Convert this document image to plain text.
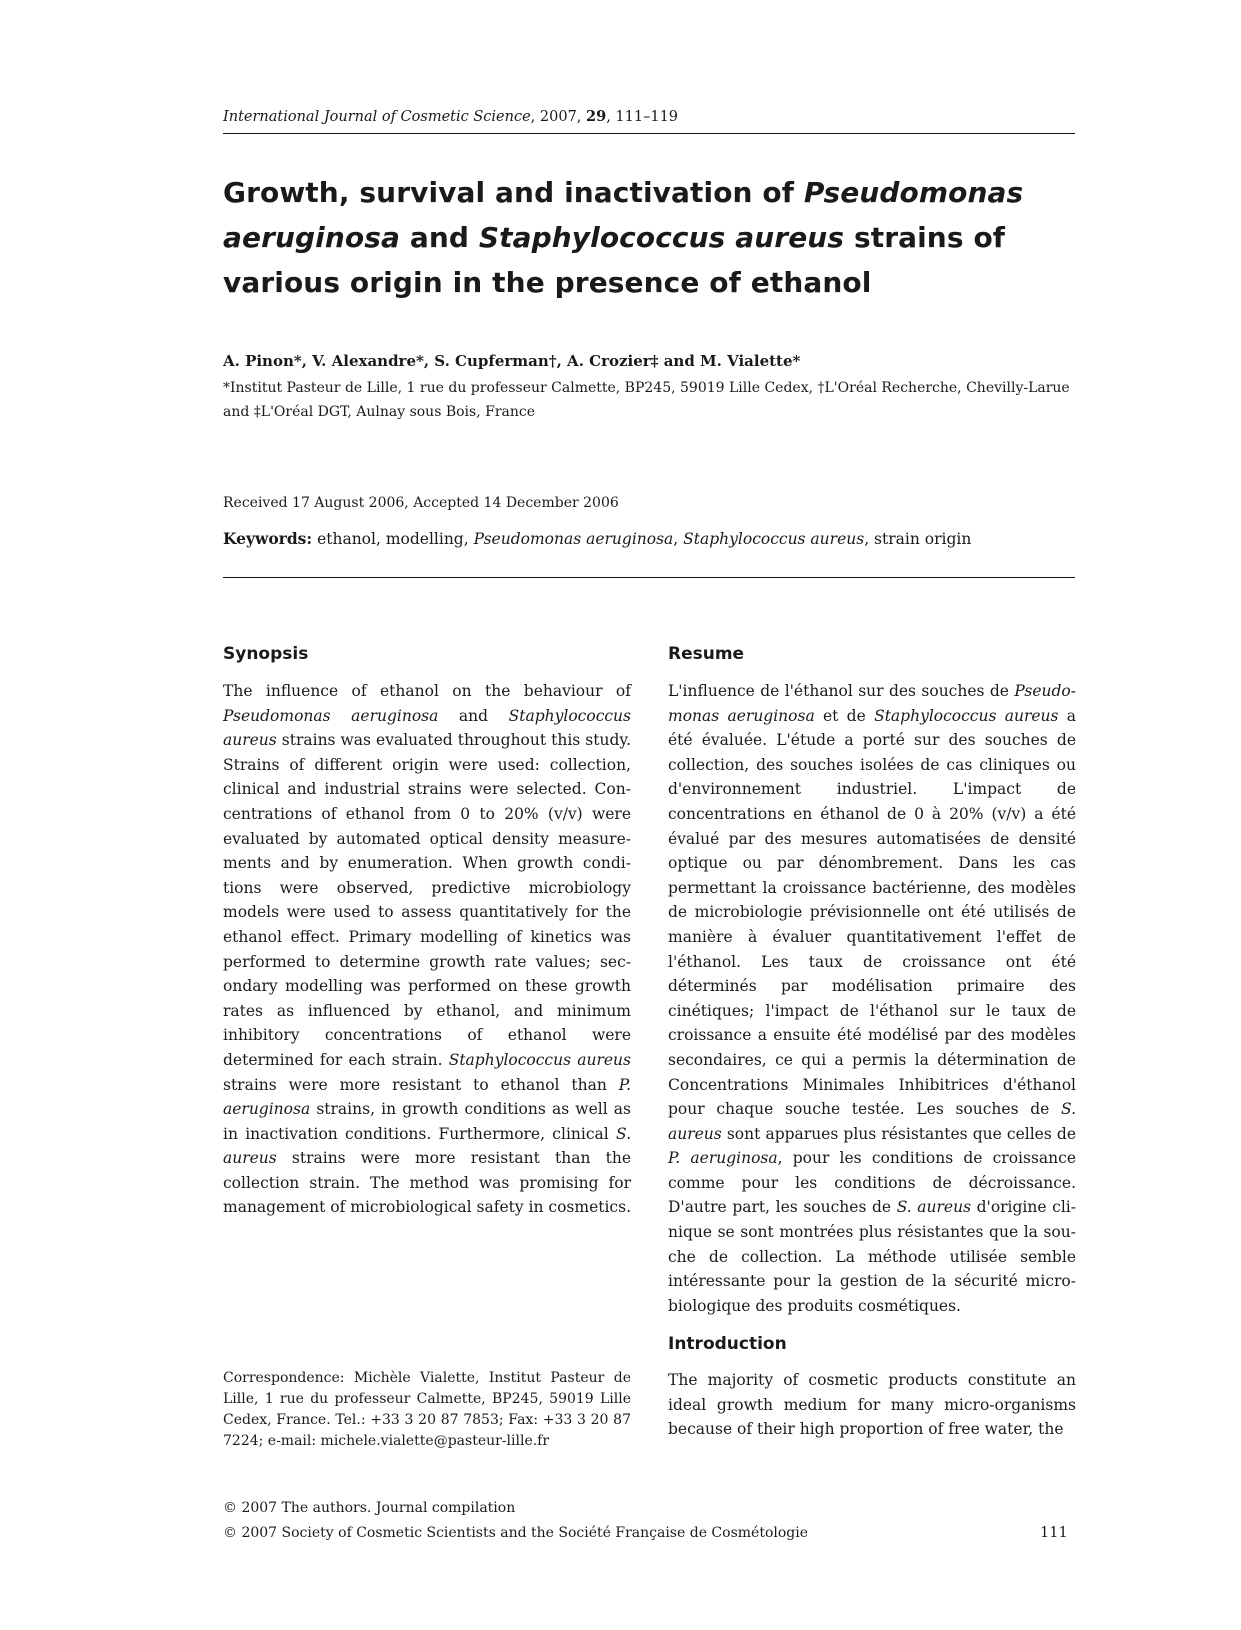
International Journal of Cosmetic Science, 2007, 29, 111–119
Growth, survival and inactivation of Pseudomonas
aeruginosa and Staphylococcus aureus strains of
various origin in the presence of ethanol
A. Pinon*, V. Alexandre*, S. Cupferman†, A. Crozier‡ and M. Vialette*
*Institut Pasteur de Lille, 1 rue du professeur Calmette, BP245, 59019 Lille Cedex, †L'Oréal Recherche, Chevilly-Larue
and ‡L'Oréal DGT, Aulnay sous Bois, France
Received 17 August 2006, Accepted 14 December 2006
Keywords: ethanol, modelling, Pseudomonas aeruginosa, Staphylococcus aureus, strain origin
Synopsis
The influence of ethanol on the behaviour of Pseudomonas aeruginosa and Staphylococcus aureus strains was evaluated throughout this study. Strains of different origin were used: collection, clinical and industrial strains were selected. Concentrations of ethanol from 0 to 20% (v/v) were evaluated by automated optical density measurements and by enumeration. When growth conditions were observed, predictive microbiology models were used to assess quantitatively for the ethanol effect. Primary modelling of kinetics was performed to determine growth rate values; secondary modelling was performed on these growth rates as influenced by ethanol, and minimum inhibitory concentrations of ethanol were determined for each strain. Staphylococcus aureus strains were more resistant to ethanol than P. aeruginosa strains, in growth conditions as well as in inactivation conditions. Furthermore, clinical S. aureus strains were more resistant than the collection strain. The method was promising for management of microbiological safety in cosmetics.
Correspondence: Michèle Vialette, Institut Pasteur de Lille, 1 rue du professeur Calmette, BP245, 59019 Lille Cedex, France. Tel.: +33 3 20 87 7853; Fax: +33 3 20 87 7224; e-mail: michele.vialette@pasteur-lille.fr
Resume
L'influence de l'éthanol sur des souches de Pseudomonas aeruginosa et de Staphylococcus aureus a été évaluée. L'étude a porté sur des souches de collection, des souches isolées de cas cliniques ou d'environnement industriel. L'impact de concentrations en éthanol de 0 à 20% (v/v) a été évalué par des mesures automatisées de densité optique ou par dénombrement. Dans les cas permettant la croissance bactérienne, des modèles de microbiologie prévisionnelle ont été utilisés de manière à évaluer quantitativement l'effet de l'éthanol. Les taux de croissance ont été déterminés par modélisation primaire des cinétiques; l'impact de l'éthanol sur le taux de croissance a ensuite été modélisé par des modèles secondaires, ce qui a permis la détermination de Concentrations Minimales Inhibitrices d'éthanol pour chaque souche testée. Les souches de S. aureus sont apparues plus résistantes que celles de P. aeruginosa, pour les conditions de croissance comme pour les conditions de décroissance. D'autre part, les souches de S. aureus d'origine clinique se sont montrées plus résistantes que la souche de collection. La méthode utilisée semble intéressante pour la gestion de la sécurité microbiologique des produits cosmétiques.
Introduction
The majority of cosmetic products constitute an ideal growth medium for many micro-organisms because of their high proportion of free water, the
© 2007 The authors. Journal compilation
© 2007 Society of Cosmetic Scientists and the Société Française de Cosmétologie	111
